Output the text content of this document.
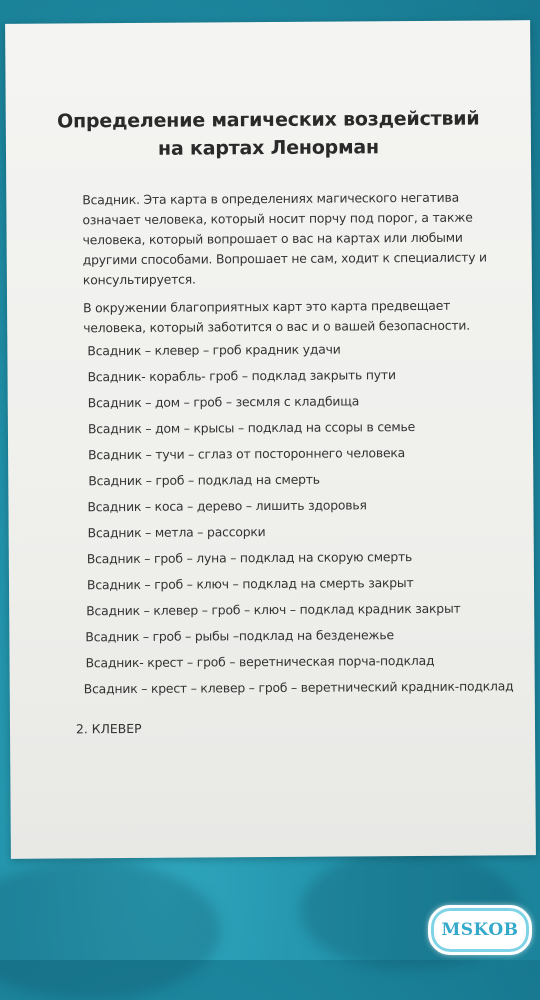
Определение магических воздействий
на картах Ленорман

Всадник. Эта карта в определениях магического негатива означает человека, который носит порчу под порог, а также человека, который вопрошает о вас на картах или любыми другими способами. Вопрошает не сам, ходит к специалисту и консультируется.

В окружении благоприятных карт это карта предвещает человека, который заботится о вас и о вашей безопасности.

Всадник – клевер – гроб крадник удачи
Всадник- корабль- гроб – подклад закрыть пути
Всадник – дом – гроб – зесмля с кладбища
Всадник – дом – крысы – подклад на ссоры в семье
Всадник – тучи – сглаз от постороннего человека
Всадник – гроб – подклад на смерть
Всадник – коса – дерево – лишить здоровья
Всадник – метла – рассорки
Всадник – гроб – луна – подклад на скорую смерть
Всадник – гроб – ключ – подклад на смерть закрыт
Всадник – клевер – гроб – ключ – подклад крадник закрыт
Всадник – гроб – рыбы –подклад на безденежье
Всадник- крест – гроб – веретническая порча-подклад
Всадник – крест – клевер – гроб – веретнический крадник-подклад
2. КЛЕВЕР
MSKOB
